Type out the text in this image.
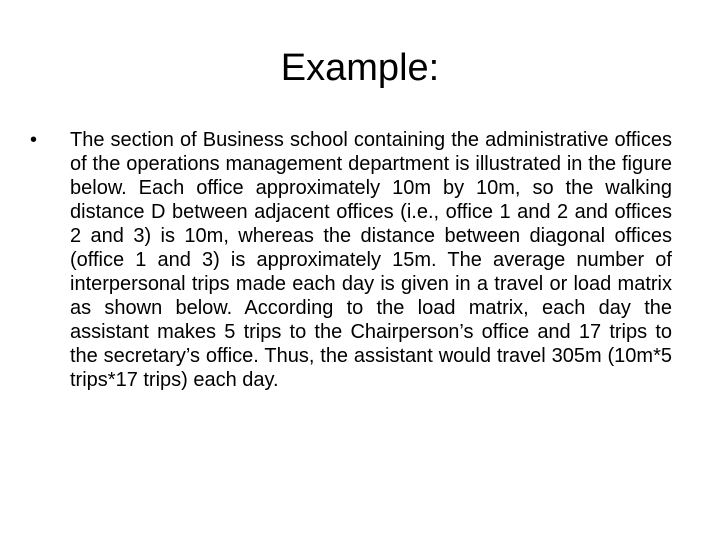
Example:
• The section of Business school containing the administrative offices of the operations management department is illustrated in the figure below. Each office approximately 10m by 10m, so the walking distance D between adjacent offices (i.e., office 1 and 2 and offices 2 and 3) is 10m, whereas the distance between diagonal offices (office 1 and 3) is approximately 15m. The average number of interpersonal trips made each day is given in a travel or load matrix as shown below. According to the load matrix, each day the assistant makes 5 trips to the Chairperson’s office and 17 trips to the secretary’s office. Thus, the assistant would travel 305m (10m*5 trips*17 trips) each day.
